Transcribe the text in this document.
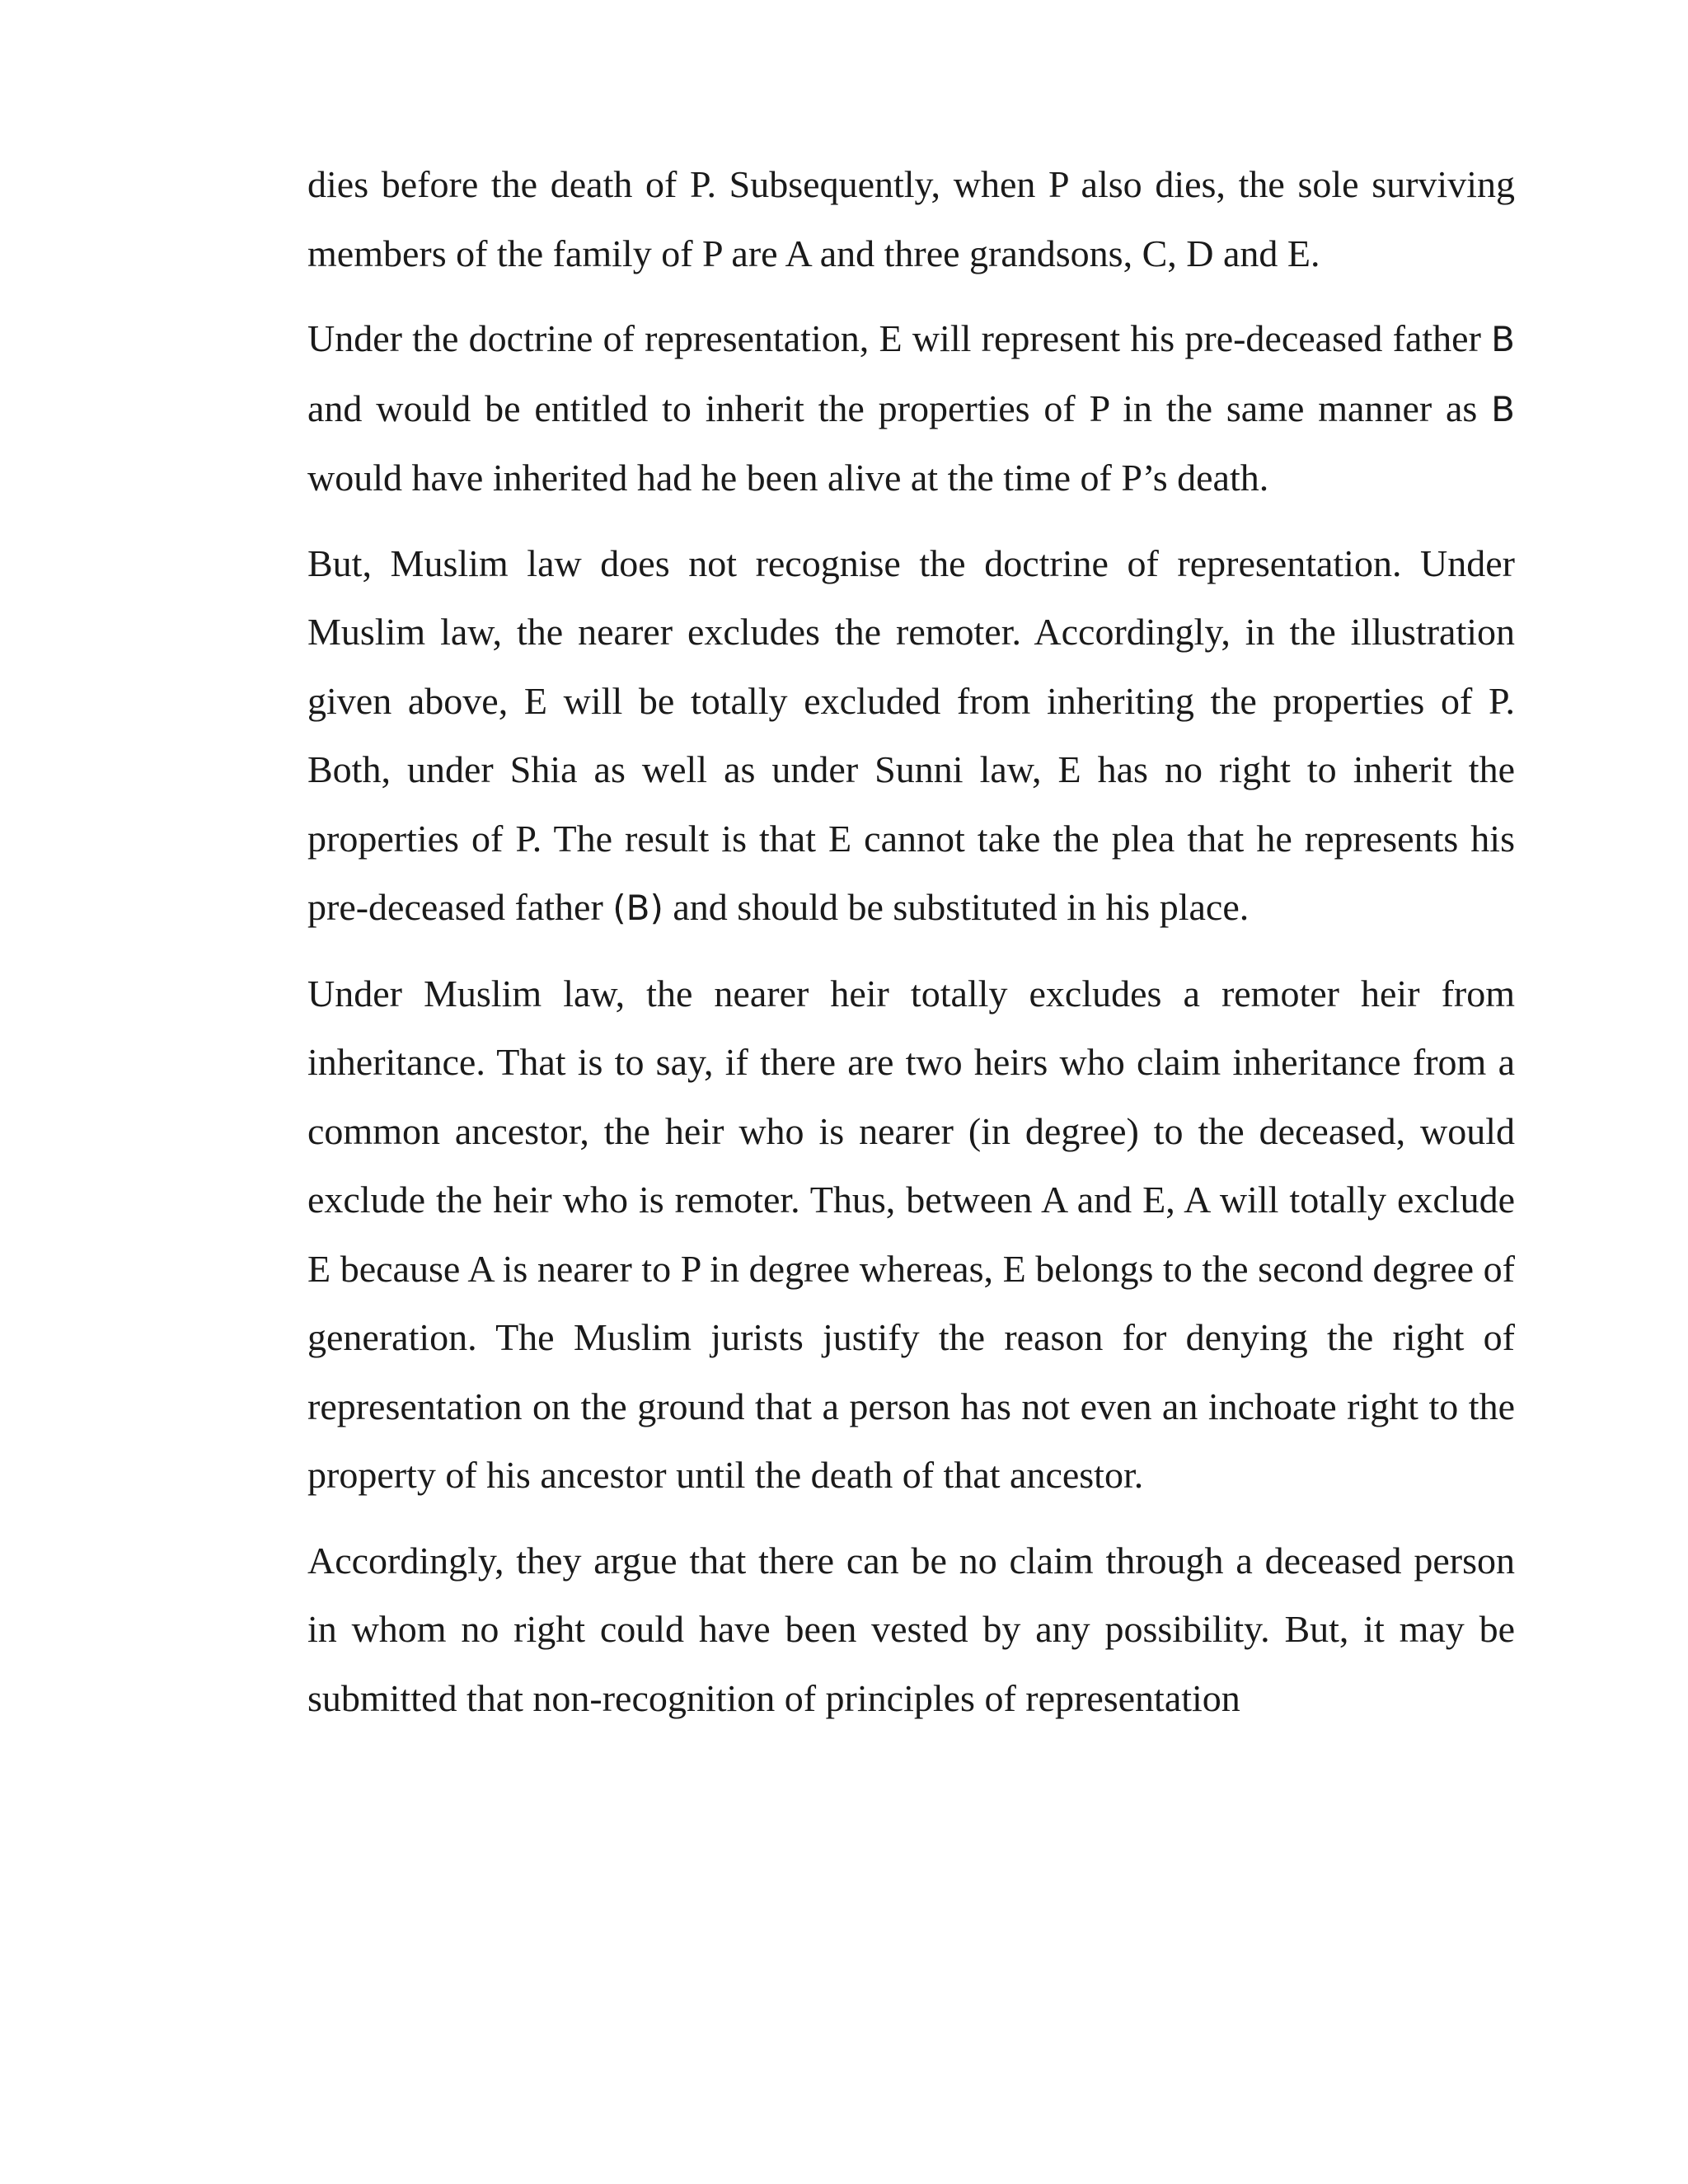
dies before the death of P. Subsequently, when P also dies, the sole surviving members of the family of P are A and three grandsons, C, D and E.

Under the doctrine of representation, E will represent his pre-deceased father B and would be entitled to inherit the properties of P in the same manner as B would have inherited had he been alive at the time of P’s death.

But, Muslim law does not recognise the doctrine of representation. Under Muslim law, the nearer excludes the remoter. Accordingly, in the illustration given above, E will be totally excluded from inheriting the properties of P. Both, under Shia as well as under Sunni law, E has no right to inherit the properties of P. The result is that E cannot take the plea that he represents his pre-deceased father (B) and should be substituted in his place.

Under Muslim law, the nearer heir totally excludes a remoter heir from inheritance. That is to say, if there are two heirs who claim inheritance from a common ancestor, the heir who is nearer (in degree) to the deceased, would exclude the heir who is remoter. Thus, between A and E, A will totally exclude E because A is nearer to P in degree whereas, E belongs to the second degree of generation. The Muslim jurists justify the reason for denying the right of representation on the ground that a person has not even an inchoate right to the property of his ancestor until the death of that ancestor.

Accordingly, they argue that there can be no claim through a deceased person in whom no right could have been vested by any possibility. But, it may be submitted that non-recognition of principles of representation
